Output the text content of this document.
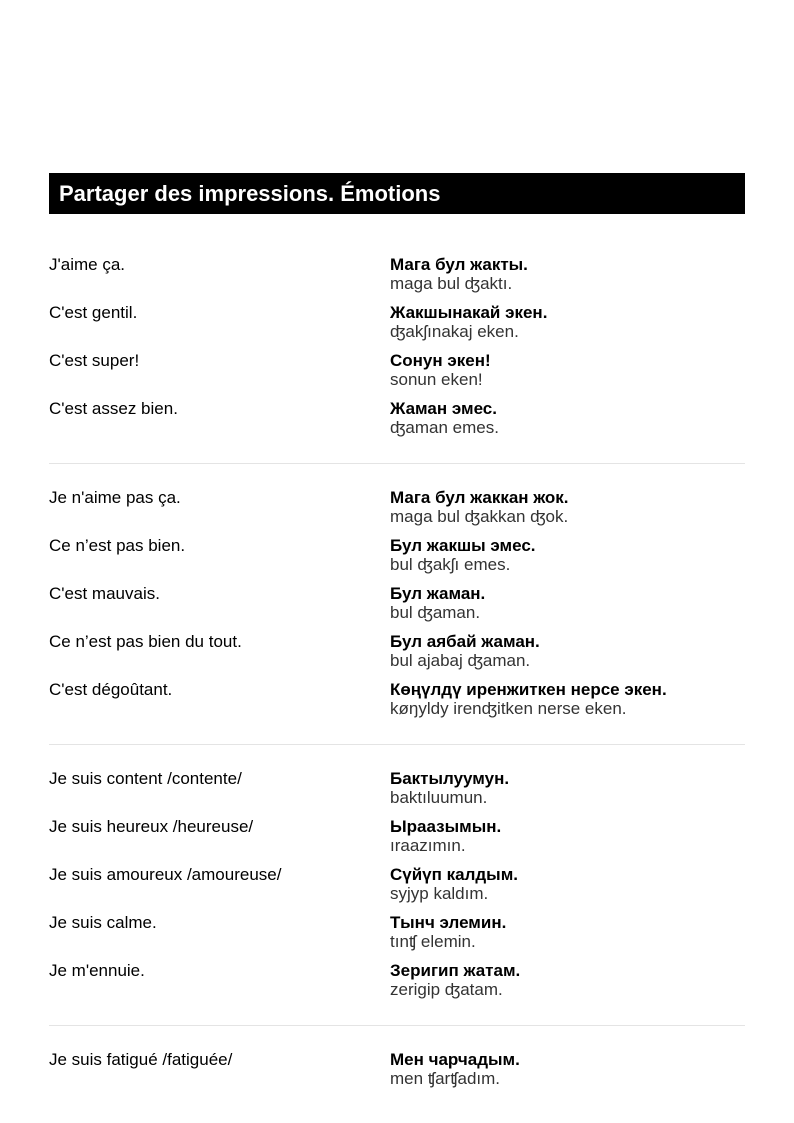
Partager des impressions. Émotions
J'aime ça.	Мага бул жакты.
maga bul ʤaktı.
C'est gentil.	Жакшынакай экен.
ʤakʃınakaj eken.
C'est super!	Сонун экен!
sonun eken!
C'est assez bien.	Жаман эмес.
ʤaman emes.
Je n'aime pas ça.	Мага бул жаккан жок.
maga bul ʤakkan ʤok.
Ce n’est pas bien.	Бул жакшы эмес.
bul ʤakʃı emes.
C'est mauvais.	Бул жаман.
bul ʤaman.
Ce n’est pas bien du tout.	Бул аябай жаман.
bul ajabaj ʤaman.
C'est dégoûtant.	Көңүлдү иренжиткен нерсе экен.
køŋyldy irenʤitken nerse eken.
Je suis content /contente/	Бактылуумун.
baktıluumun.
Je suis heureux /heureuse/	Ыраазымын.
ıraazımın.
Je suis amoureux /amoureuse/	Сүйүп калдым.
syjyp kaldım.
Je suis calme.	Тынч элемин.
tınʧ elemin.
Je m'ennuie.	Зеригип жатам.
zerigip ʤatam.
Je suis fatigué /fatiguée/	Мен чарчадым.
men ʧarʧadım.
